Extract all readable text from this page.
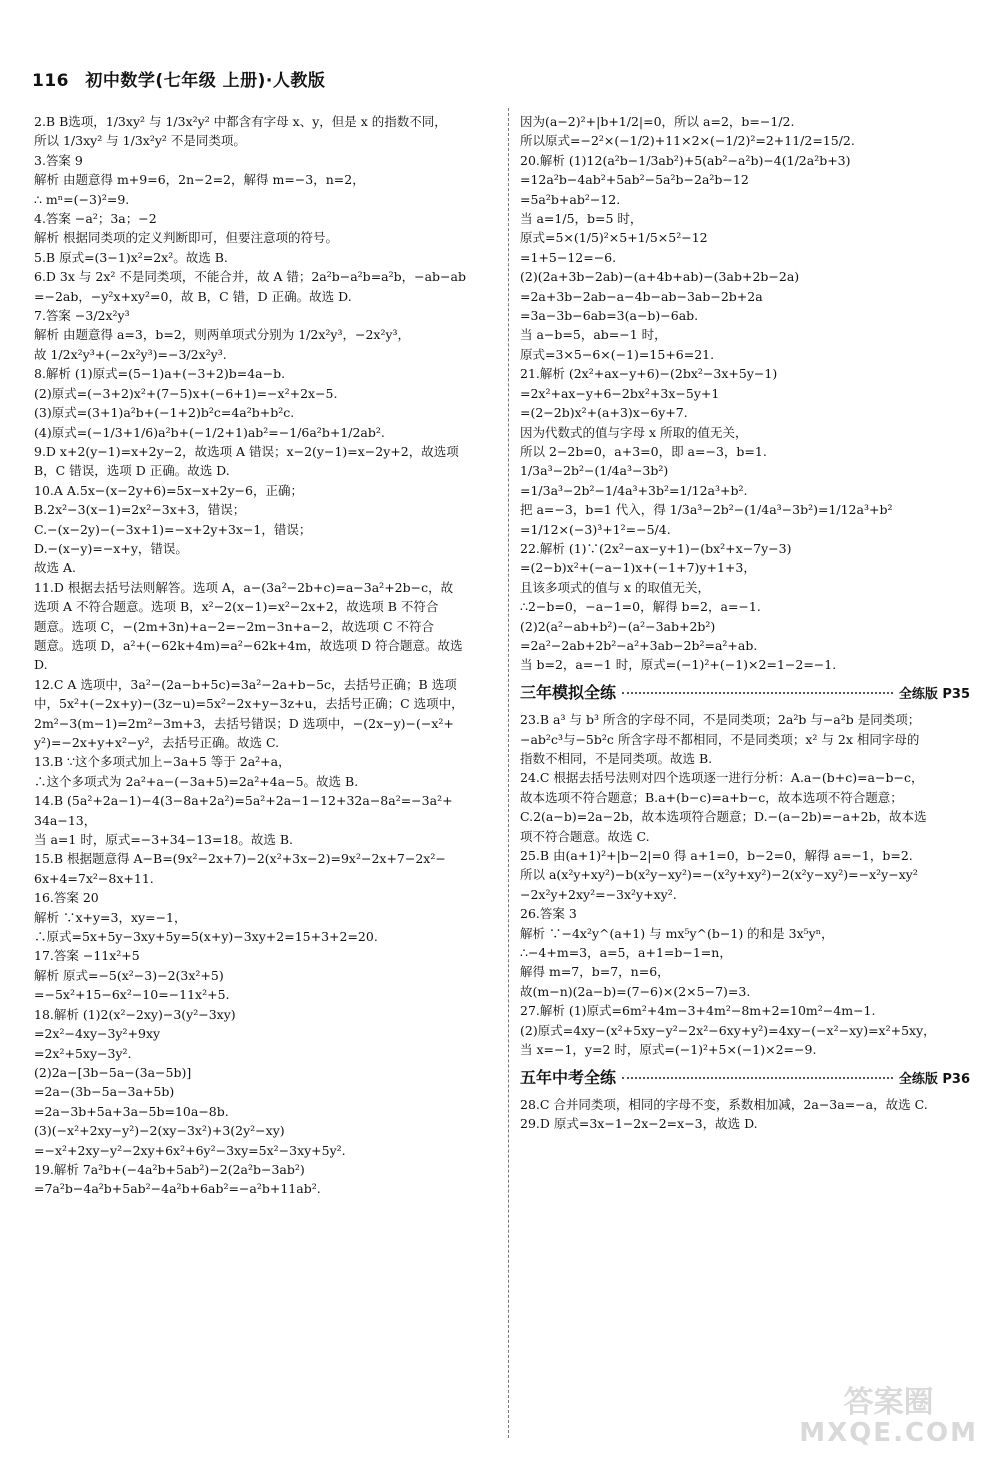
116 初中数学(七年级 上册)·人教版
2.B B选项，1/3xy² 与 1/3x²y² 中都含有字母 x、y，但是 x 的指数不同，
所以 1/3xy² 与 1/3x²y² 不是同类项。
3.答案 9
解析 由题意得 m+9=6，2n−2=2，解得 m=−3，n=2，
∴ mⁿ=(−3)²=9.
4.答案 −a²；3a；−2
解析 根据同类项的定义判断即可，但要注意项的符号。
5.B 原式=(3−1)x²=2x²。故选 B.
6.D 3x 与 2x² 不是同类项，不能合并，故 A 错；2a²b−a²b=a²b，−ab−ab
=−2ab，−y²x+xy²=0，故 B，C 错，D 正确。故选 D.
7.答案 −3/2x²y³
解析 由题意得 a=3，b=2，则两单项式分别为 1/2x²y³，−2x²y³，
故 1/2x²y³+(−2x²y³)=−3/2x²y³.
8.解析 (1)原式=(5−1)a+(−3+2)b=4a−b.
(2)原式=(−3+2)x²+(7−5)x+(−6+1)=−x²+2x−5.
(3)原式=(3+1)a²b+(−1+2)b²c=4a²b+b²c.
(4)原式=(−1/3+1/6)a²b+(−1/2+1)ab²=−1/6a²b+1/2ab².
9.D x+2(y−1)=x+2y−2，故选项 A 错误；x−2(y−1)=x−2y+2，故选项
B，C 错误，选项 D 正确。故选 D.
10.A A.5x−(x−2y+6)=5x−x+2y−6，正确；
B.2x²−3(x−1)=2x²−3x+3，错误；
C.−(x−2y)−(−3x+1)=−x+2y+3x−1，错误；
D.−(x−y)=−x+y，错误。
故选 A.
11.D 根据去括号法则解答。选项 A，a−(3a²−2b+c)=a−3a²+2b−c，故
选项 A 不符合题意。选项 B，x²−2(x−1)=x²−2x+2，故选项 B 不符合
题意。选项 C，−(2m+3n)+a−2=−2m−3n+a−2，故选项 C 不符合
题意。选项 D，a²+(−62k+4m)=a²−62k+4m，故选项 D 符合题意。故选
D.
12.C A 选项中，3a²−(2a−b+5c)=3a²−2a+b−5c，去括号正确；B 选项
中，5x²+(−2x+y)−(3z−u)=5x²−2x+y−3z+u，去括号正确；C 选项中，
2m²−3(m−1)=2m²−3m+3，去括号错误；D 选项中，−(2x−y)−(−x²+
y²)=−2x+y+x²−y²，去括号正确。故选 C.
13.B ∵这个多项式加上−3a+5 等于 2a²+a，
∴这个多项式为 2a²+a−(−3a+5)=2a²+4a−5。故选 B.
14.B (5a²+2a−1)−4(3−8a+2a²)=5a²+2a−1−12+32a−8a²=−3a²+
34a−13，
当 a=1 时，原式=−3+34−13=18。故选 B.
15.B 根据题意得 A−B=(9x²−2x+7)−2(x²+3x−2)=9x²−2x+7−2x²−
6x+4=7x²−8x+11.
16.答案 20
解析 ∵x+y=3，xy=−1，
∴原式=5x+5y−3xy+5y=5(x+y)−3xy+2=15+3+2=20.
17.答案 −11x²+5
解析 原式=−5(x²−3)−2(3x²+5)
=−5x²+15−6x²−10=−11x²+5.
18.解析 (1)2(x²−2xy)−3(y²−3xy)
=2x²−4xy−3y²+9xy
=2x²+5xy−3y².
(2)2a−[3b−5a−(3a−5b)]
=2a−(3b−5a−3a+5b)
=2a−3b+5a+3a−5b=10a−8b.
(3)(−x²+2xy−y²)−2(xy−3x²)+3(2y²−xy)
=−x²+2xy−y²−2xy+6x²+6y²−3xy=5x²−3xy+5y².
19.解析 7a²b+(−4a²b+5ab²)−2(2a²b−3ab²)
=7a²b−4a²b+5ab²−4a²b+6ab²=−a²b+11ab².
因为(a−2)²+|b+1/2|=0，所以 a=2，b=−1/2.
所以原式=−2²×(−1/2)+11×2×(−1/2)²=2+11/2=15/2.
20.解析 (1)12(a²b−1/3ab²)+5(ab²−a²b)−4(1/2a²b+3)
=12a²b−4ab²+5ab²−5a²b−2a²b−12
=5a²b+ab²−12.
当 a=1/5，b=5 时，
原式=5×(1/5)²×5+1/5×5²−12
=1+5−12=−6.
(2)(2a+3b−2ab)−(a+4b+ab)−(3ab+2b−2a)
=2a+3b−2ab−a−4b−ab−3ab−2b+2a
=3a−3b−6ab=3(a−b)−6ab.
当 a−b=5，ab=−1 时，
原式=3×5−6×(−1)=15+6=21.
21.解析 (2x²+ax−y+6)−(2bx²−3x+5y−1)
=2x²+ax−y+6−2bx²+3x−5y+1
=(2−2b)x²+(a+3)x−6y+7.
因为代数式的值与字母 x 所取的值无关，
所以 2−2b=0，a+3=0，即 a=−3，b=1.
1/3a³−2b²−(1/4a³−3b²)
=1/3a³−2b²−1/4a³+3b²=1/12a³+b².
把 a=−3，b=1 代入，得 1/3a³−2b²−(1/4a³−3b²)=1/12a³+b²
=1/12×(−3)³+1²=−5/4.
22.解析 (1)∵(2x²−ax−y+1)−(bx²+x−7y−3)
=(2−b)x²+(−a−1)x+(−1+7)y+1+3，
且该多项式的值与 x 的取值无关，
∴2−b=0，−a−1=0，解得 b=2，a=−1.
(2)2(a²−ab+b²)−(a²−3ab+2b²)
=2a²−2ab+2b²−a²+3ab−2b²=a²+ab.
当 b=2，a=−1 时，原式=(−1)²+(−1)×2=1−2=−1.
三年模拟全练	全练版 P35
23.B a³ 与 b³ 所含的字母不同，不是同类项；2a²b 与−a²b 是同类项；
−ab²c³与−5b²c 所含字母不都相同，不是同类项；x² 与 2x 相同字母的
指数不相同，不是同类项。故选 B.
24.C 根据去括号法则对四个选项逐一进行分析：A.a−(b+c)=a−b−c，
故本选项不符合题意；B.a+(b−c)=a+b−c，故本选项不符合题意；
C.2(a−b)=2a−2b，故本选项符合题意；D.−(a−2b)=−a+2b，故本选
项不符合题意。故选 C.
25.B 由(a+1)²+|b−2|=0 得 a+1=0，b−2=0，解得 a=−1，b=2.
所以 a(x²y+xy²)−b(x²y−xy²)=−(x²y+xy²)−2(x²y−xy²)=−x²y−xy²
−2x²y+2xy²=−3x²y+xy².
26.答案 3
解析 ∵−4x²y^(a+1) 与 mx⁵y^(b−1) 的和是 3x⁵yⁿ，
∴−4+m=3，a=5，a+1=b−1=n，
解得 m=7，b=7，n=6，
故(m−n)(2a−b)=(7−6)×(2×5−7)=3.
27.解析 (1)原式=6m²+4m−3+4m²−8m+2=10m²−4m−1.
(2)原式=4xy−(x²+5xy−y²−2x²−6xy+y²)=4xy−(−x²−xy)=x²+5xy，
当 x=−1，y=2 时，原式=(−1)²+5×(−1)×2=−9.
五年中考全练	全练版 P36
28.C 合并同类项，相同的字母不变，系数相加减，2a−3a=−a，故选 C.
29.D 原式=3x−1−2x−2=x−3，故选 D.
答案圈
MXQE.COM
